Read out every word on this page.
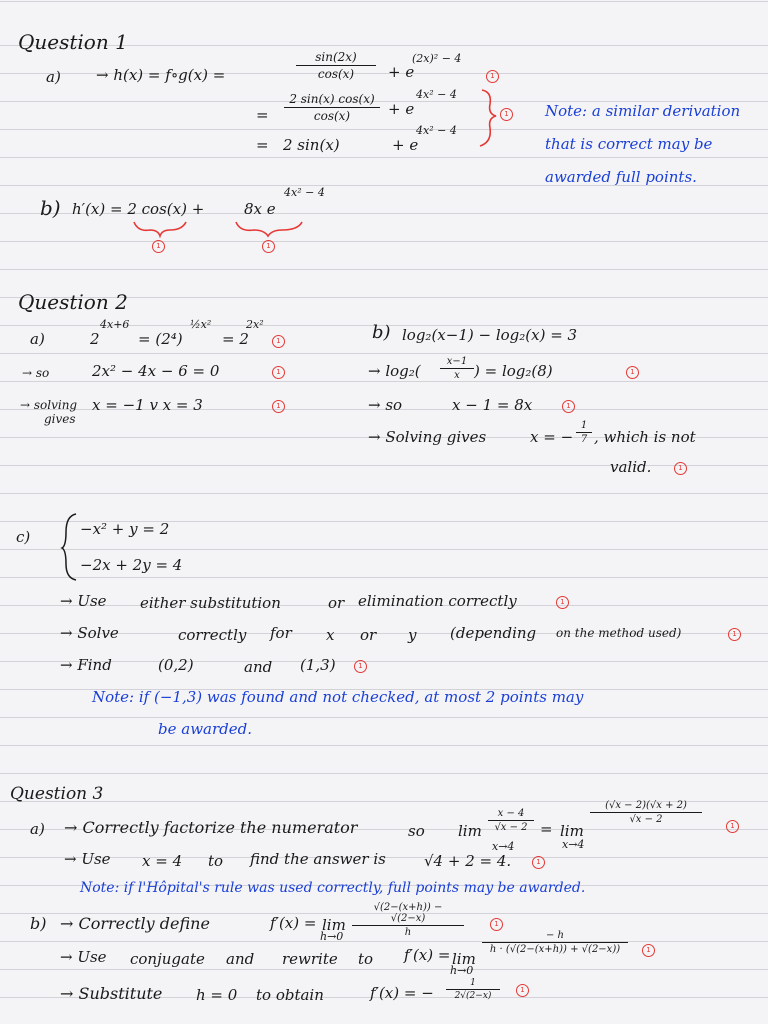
Question 1
a) → h(x) = f∘g(x) =	$\frac{\sin(2x)}{\cos(x)} + e$
(2x)² − 4
1
= $\frac{2 \sin(x) \cos(x)}{\cos(x)} + e$
4x² − 4
= 2 sin(x)	+ e
4x² − 4
1 Note: a similar derivation
that is correct may be
awarded full points.
b) h′(x) = 2 cos(x) +	8x e
4x² − 4
1	1
Question 2
a)	2
4x+6
= (2⁴)
½x²
= 2
2x²
1
→ so	2x² − 4x − 6 = 0	1
→ solving
gives
x = −1 v x = 3	1
b) log₂(x−1) − log₂(x) = 3
→ $\log_2( \frac{x-1}{x}$ ) = log₂(8)	1
→ so	x − 1 = 8x	1
→ Solving gives	x = − $\frac{1}{7}$ , which is not
valid.	1
c)	−x² + y = 2
−2x + 2y = 4
→ Use either substitution	or elimination correctly	1
→ Solve	correctly for x or y (depending on the method used)	1
→ Find	(0,2)	and (1,3)	1
Note: if (−1,3) was found and not checked, at most 2 points may
be awarded.
Question 3
a) → Correctly factorize the numerator	so $\lim \frac{x - 4}{√x - 2}$
x→4
= lim
x→4
$\frac{(√x - 2)(√x + 2)}{√x - 2}$
1
→ Use x = 4 to find the answer is	√4 + 2 = 4.	1
Note: if l'Hôpital's rule was used correctly, full points may be awarded.
b) → Correctly define	f′(x) = lim
$h\to 0 \frac{√(2-(x+h)) - √(2-x)}{h}$	1
→ Use conjugate and rewrite to f′(x) = lim
h→0
$\frac{- h}{h \cdot (√(2-(x+h)) + √(2-x))}$	1
→ Substitute h = 0 to obtain	f′(x) = − $\frac{1}{2√(2-x)}$	1
